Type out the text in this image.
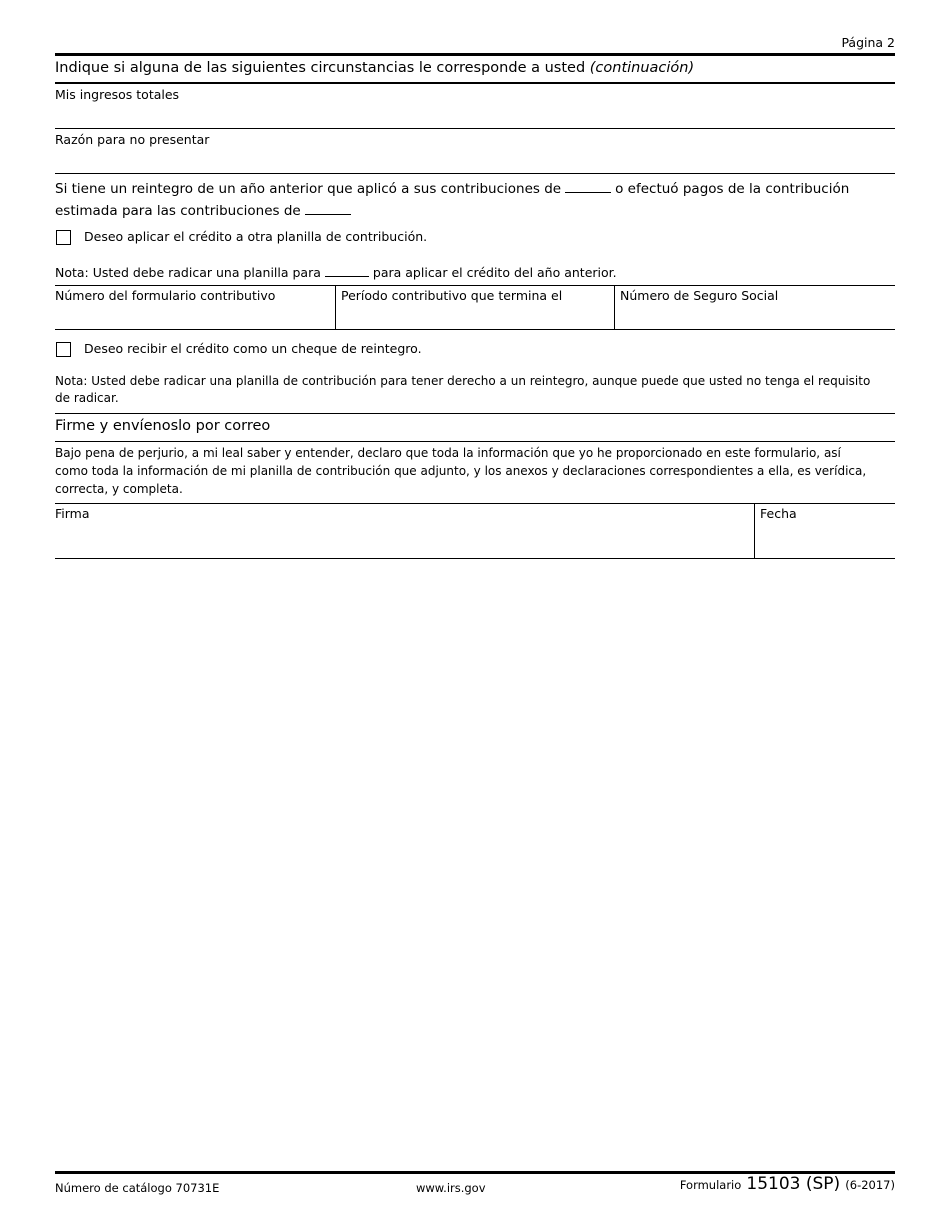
Página 2
Indique si alguna de las siguientes circunstancias le corresponde a usted (continuación)
Mis ingresos totales
Razón para no presentar
Si tiene un reintegro de un año anterior que aplicó a sus contribuciones de	o efectuó pagos de la contribución
estimada para las contribuciones de
Deseo aplicar el crédito a otra planilla de contribución.
Nota: Usted debe radicar una planilla para	para aplicar el crédito del año anterior.
Número del formulario contributivo	Período contributivo que termina el	Número de Seguro Social
Deseo recibir el crédito como un cheque de reintegro.
Nota: Usted debe radicar una planilla de contribución para tener derecho a un reintegro, aunque puede que usted no tenga el requisito
de radicar.
Firme y envíenoslo por correo
Bajo pena de perjurio, a mi leal saber y entender, declaro que toda la información que yo he proporcionado en este formulario, así
como toda la información de mi planilla de contribución que adjunto, y los anexos y declaraciones correspondientes a ella, es verídica,
correcta, y completa.
Firma	Fecha
Número de catálogo 70731E	www.irs.gov	Formulario 15103 (SP) (6-2017)
